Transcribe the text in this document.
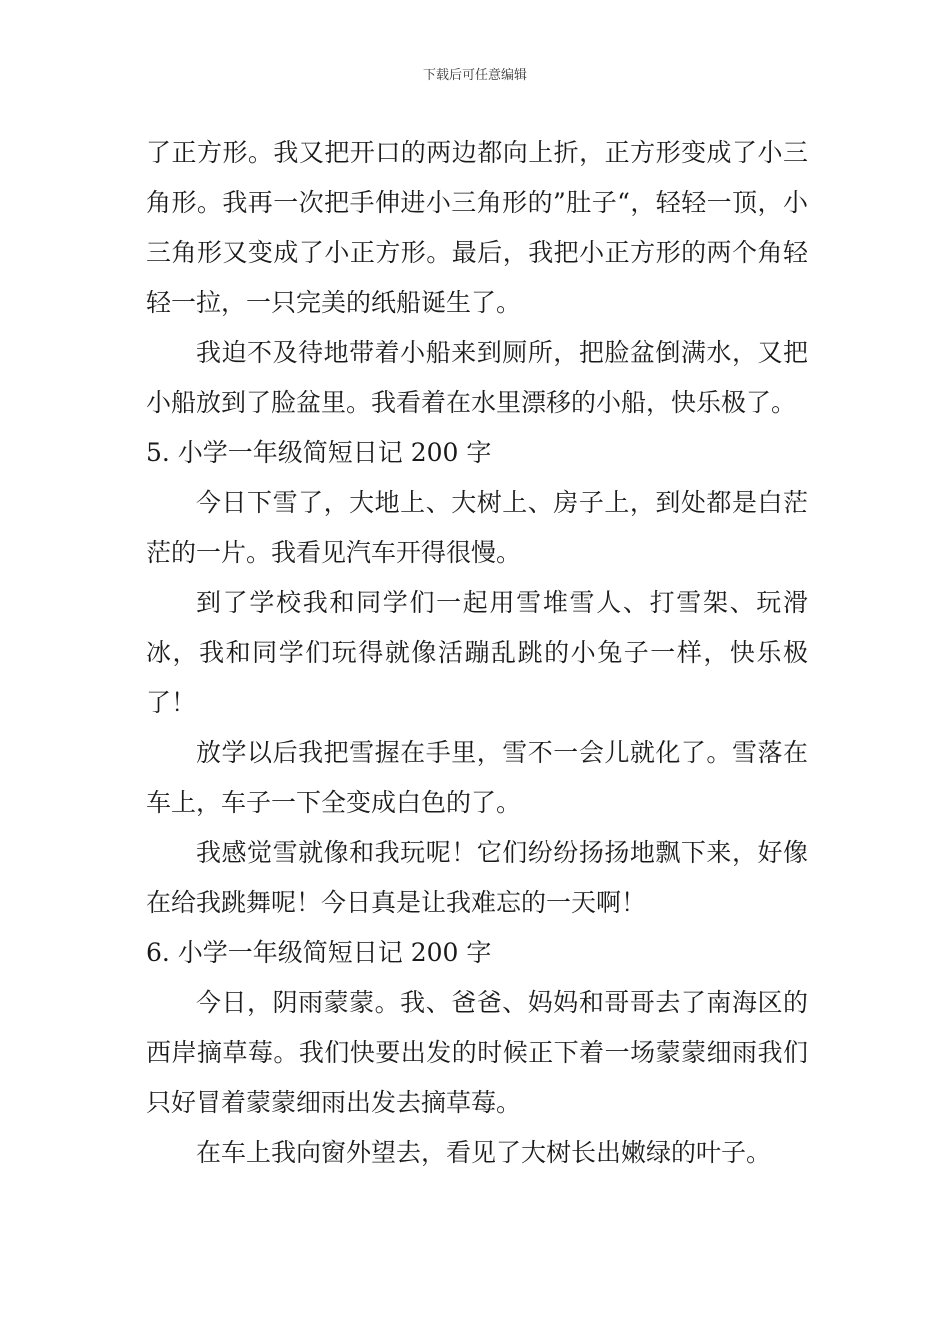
下载后可任意编辑

了正方形。我又把开口的两边都向上折，正方形变成了小三角形。我再一次把手伸进小三角形的”肚子“，轻轻一顶，小三角形又变成了小正方形。最后，我把小正方形的两个角轻轻一拉，一只完美的纸船诞生了。

我迫不及待地带着小船来到厕所，把脸盆倒满水，又把小船放到了脸盆里。我看着在水里漂移的小船，快乐极了。

5. 小学一年级简短日记 200 字

今日下雪了，大地上、大树上、房子上，到处都是白茫茫的一片。我看见汽车开得很慢。

到了学校我和同学们一起用雪堆雪人、打雪架、玩滑冰，我和同学们玩得就像活蹦乱跳的小兔子一样，快乐极了！

放学以后我把雪握在手里，雪不一会儿就化了。雪落在车上，车子一下全变成白色的了。

我感觉雪就像和我玩呢！它们纷纷扬扬地飘下来，好像在给我跳舞呢！今日真是让我难忘的一天啊！

6. 小学一年级简短日记 200 字

今日，阴雨蒙蒙。我、爸爸、妈妈和哥哥去了南海区的西岸摘草莓。我们快要出发的时候正下着一场蒙蒙细雨我们只好冒着蒙蒙细雨出发去摘草莓。

在车上我向窗外望去，看见了大树长出嫩绿的叶子。
